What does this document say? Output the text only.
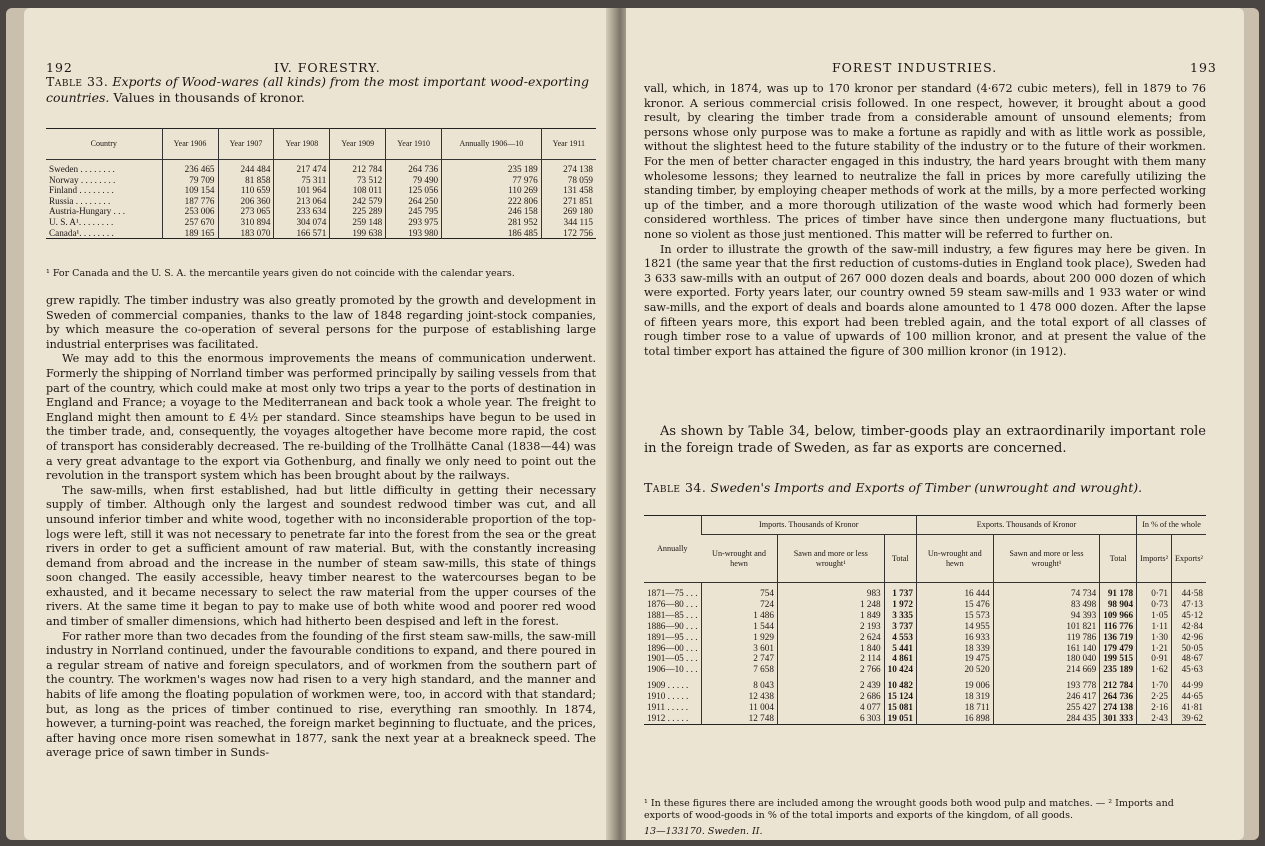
192	IV. FORESTRY.
Table 33. Exports of Wood-wares (all kinds) from the most important wood-exporting countries. Values in thousands of kronor.
Country	Year 1906	Year 1907	Year 1908	Year 1909	Year 1910	Annually 1906—10	Year 1911
Sweden . . . . . . . .	236 465	244 484	217 474	212 784	264 736	235 189	274 138
Norway . . . . . . . .	79 709	81 858	75 311	73 512	79 490	77 976	78 059
Finland . . . . . . . .	109 154	110 659	101 964	108 011	125 056	110 269	131 458
Russia . . . . . . . .	187 776	206 360	213 064	242 579	264 250	222 806	271 851
Austria-Hungary . . .	253 006	273 065	233 634	225 289	245 795	246 158	269 180
U. S. A¹. . . . . . . .	257 670	310 894	304 074	259 148	293 975	281 952	344 115
Canada¹. . . . . . . .	189 165	183 070	166 571	199 638	193 980	186 485	172 756
¹ For Canada and the U. S. A. the mercantile years given do not coincide with the calendar years.

grew rapidly. The timber industry was also greatly promoted by the growth and development in Sweden of commercial companies, thanks to the law of 1848 regarding joint-stock companies, by which measure the co-operation of several persons for the purpose of establishing large industrial enterprises was facilitated.

We may add to this the enormous improvements the means of communication underwent. Formerly the shipping of Norrland timber was performed principally by sailing vessels from that part of the country, which could make at most only two trips a year to the ports of destination in England and France; a voyage to the Mediterranean and back took a whole year. The freight to England might then amount to £ 4½ per standard. Since steamships have begun to be used in the timber trade, and, consequently, the voyages altogether have become more rapid, the cost of transport has considerably decreased. The re-building of the Trollhätte Canal (1838—44) was a very great advantage to the export via Gothenburg, and finally we only need to point out the revolution in the transport system which has been brought about by the railways.

The saw-mills, when first established, had but little difficulty in getting their necessary supply of timber. Although only the largest and soundest redwood timber was cut, and all unsound inferior timber and white wood, together with no inconsiderable proportion of the top-logs were left, still it was not necessary to penetrate far into the forest from the sea or the great rivers in order to get a sufficient amount of raw material. But, with the constantly increasing demand from abroad and the increase in the number of steam saw-mills, this state of things soon changed. The easily accessible, heavy timber nearest to the watercourses began to be exhausted, and it became necessary to select the raw material from the upper courses of the rivers. At the same time it began to pay to make use of both white wood and poorer red wood and timber of smaller dimensions, which had hitherto been despised and left in the forest.

For rather more than two decades from the founding of the first steam saw-mills, the saw-mill industry in Norrland continued, under the favourable conditions to expand, and there poured in a regular stream of native and foreign speculators, and of workmen from the southern part of the country. The workmen's wages now had risen to a very high standard, and the manner and habits of life among the floating population of workmen were, too, in accord with that standard; but, as long as the prices of timber continued to rise, everything ran smoothly. In 1874, however, a turning-point was reached, the foreign market beginning to fluctuate, and the prices, after having once more risen somewhat in 1877, sank the next year at a breakneck speed. The average price of sawn timber in Sunds-

FOREST INDUSTRIES.	193

vall, which, in 1874, was up to 170 kronor per standard (4·672 cubic meters), fell in 1879 to 76 kronor. A serious commercial crisis followed. In one respect, however, it brought about a good result, by clearing the timber trade from a considerable amount of unsound elements; from persons whose only purpose was to make a fortune as rapidly and with as little work as possible, without the slightest heed to the future stability of the industry or to the future of their workmen. For the men of better character engaged in this industry, the hard years brought with them many wholesome lessons; they learned to neutralize the fall in prices by more carefully utilizing the standing timber, by employing cheaper methods of work at the mills, by a more perfected working up of the timber, and a more thorough utilization of the waste wood which had formerly been considered worthless. The prices of timber have since then undergone many fluctuations, but none so violent as those just mentioned. This matter will be referred to further on.

In order to illustrate the growth of the saw-mill industry, a few figures may here be given. In 1821 (the same year that the first reduction of customs-duties in England took place), Sweden had 3 633 saw-mills with an output of 267 000 dozen deals and boards, about 200 000 dozen of which were exported. Forty years later, our country owned 59 steam saw-mills and 1 933 water or wind saw-mills, and the export of deals and boards alone amounted to 1 478 000 dozen. After the lapse of fifteen years more, this export had been trebled again, and the total export of all classes of rough timber rose to a value of upwards of 100 million kronor, and at present the value of the total timber export has attained the figure of 300 million kronor (in 1912).

As shown by Table 34, below, timber-goods play an extraordinarily important role in the foreign trade of Sweden, as far as exports are concerned.
Table 34. Sweden's Imports and Exports of Timber (unwrought and wrought).
Annually	Imports. Thousands of Kronor			Exports. Thousands of Kronor			In % of the whole	
	Un-wrought and hewn	Sawn and more or less wrought¹	Total	Un-wrought and hewn	Sawn and more or less wrought¹	Total	Imports²	Exports²
1871—75 . . .	754	983	1 737	16 444	74 734	91 178	0·71	44·58
1876—80 . . .	724	1 248	1 972	15 476	83 498	98 904	0·73	47·13
1881—85 . . .	1 486	1 849	3 335	15 573	94 393	109 966	1·05	45·12
1886—90 . . .	1 544	2 193	3 737	14 955	101 821	116 776	1·11	42·84
1891—95 . . .	1 929	2 624	4 553	16 933	119 786	136 719	1·30	42·96
1896—00 . . .	3 601	1 840	5 441	18 339	161 140	179 479	1·21	50·05
1901—05 . . .	2 747	2 114	4 861	19 475	180 040	199 515	0·91	48·67
1906—10 . . .	7 658	2 766	10 424	20 520	214 669	235 189	1·62	45·63
1909 . . . . .	8 043	2 439	10 482	19 006	193 778	212 784	1·70	44·99
1910 . . . . .	12 438	2 686	15 124	18 319	246 417	264 736	2·25	44·65
1911 . . . . .	11 004	4 077	15 081	18 711	255 427	274 138	2·16	41·81
1912 . . . . .	12 748	6 303	19 051	16 898	284 435	301 333	2·43	39·62
¹ In these figures there are included among the wrought goods both wood pulp and matches. — ² Imports and exports of wood-goods in % of the total imports and exports of the kingdom, of all goods.
13—133170. Sweden. II.
